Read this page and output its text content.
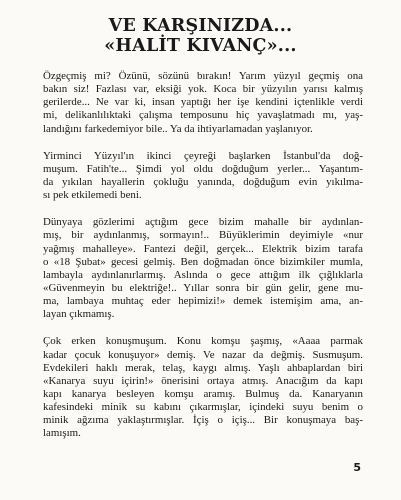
VE KARŞINIZDA...
«HALİT KIVANÇ»...
Özgeçmiş mi? Özünü, sözünü bırakın! Yarım yüzyıl geçmiş ona
bakın siz! Fazlası var, eksiği yok. Koca bir yüzyılın yarısı kalmış
gerilerde... Ne var ki, insan yaptığı her işe kendini içtenlikle verdi
mi, delikanlılıktaki çalışma temposunu hiç yavaşlatmadı mı, yaş-
landığını farkedemiyor bile.. Ya da ihtiyarlamadan yaşlanıyor.
Yirminci Yüzyıl'ın ikinci çeyreği başlarken İstanbul'da doğ-
muşum. Fatih'te... Şimdi yol oldu doğduğum yerler... Yaşantım-
da yıkılan hayallerin çokluğu yanında, doğduğum evin yıkılma-
sı pek etkilemedi beni.
Dünyaya gözlerimi açtığım gece bizim mahalle bir aydınlan-
mış, bir aydınlanmış, sormayın!.. Büyüklerimin deyimiyle «nur
yağmış mahalleye». Fantezi değil, gerçek... Elektrik bizim tarafa
o «18 Şubat» gecesi gelmiş. Ben doğmadan önce bizimkiler mumla,
lambayla aydınlanırlarmış. Aslında o gece attığım ilk çığlıklarla
«Güvenmeyin bu elektriğe!.. Yıllar sonra bir gün gelir, gene mu-
ma, lambaya muhtaç eder hepimizi!» demek istemişim ama, an-
layan çıkmamış.
Çok erken konuşmuşum. Konu komşu şaşmış, «Aaaa parmak
kadar çocuk konuşuyor» demiş. Ve nazar da değmiş. Susmuşum.
Evdekileri haklı merak, telaş, kaygı almış. Yaşlı ahbaplardan biri
«Kanarya suyu içirin!» önerisini ortaya atmış. Anacığım da kapı
kapı kanarya besleyen komşu aramış. Bulmuş da. Kanaryanın
kafesindeki minik su kabını çıkarmışlar, içindeki suyu benim o
minik ağzıma yaklaştırmışlar. İçiş o içiş... Bir konuşmaya baş-
lamışım.
5
